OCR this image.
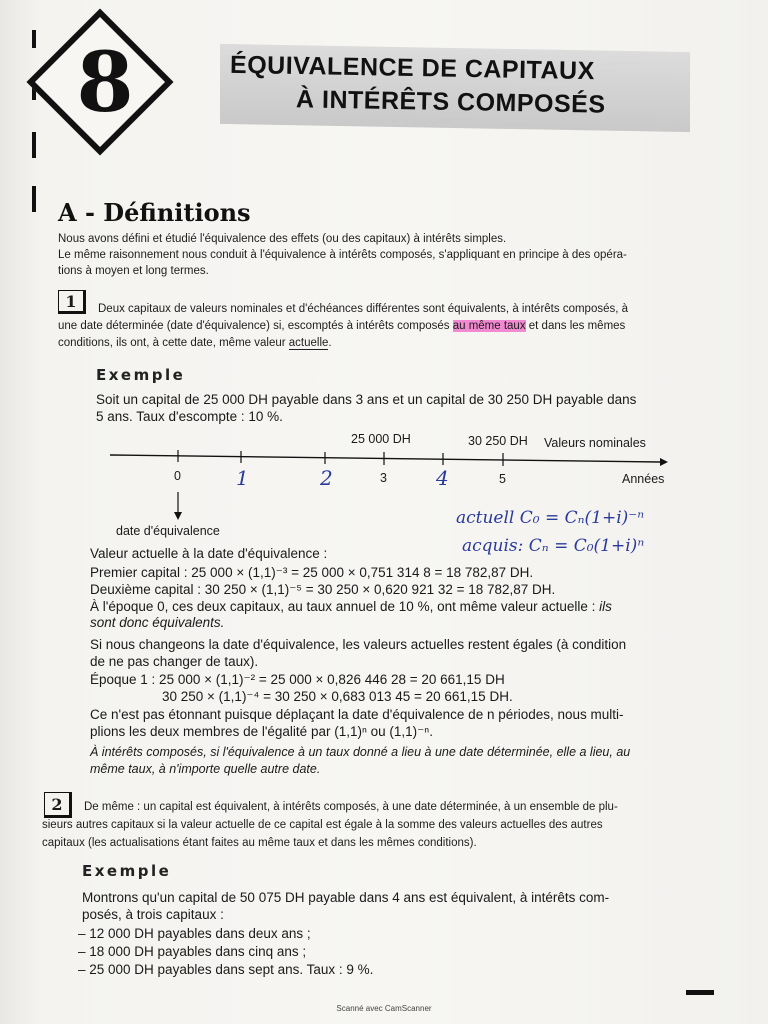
8	ÉQUIVALENCE DE CAPITAUX
À INTÉRÊTS COMPOSÉS
A - Définitions
Nous avons défini et étudié l'équivalence des effets (ou des capitaux) à intérêts simples.
Le même raisonnement nous conduit à l'équivalence à intérêts composés, s'appliquant en principe à des opéra-
tions à moyen et long termes.
1 Deux capitaux de valeurs nominales et d'échéances différentes sont équivalents, à intérêts composés, à
une date déterminée (date d'équivalence) si, escomptés à intérêts composés au même taux et dans les mêmes
conditions, ils ont, à cette date, même valeur actuelle.
Exemple
Soit un capital de 25 000 DH payable dans 3 ans et un capital de 30 250 DH payable dans
5 ans. Taux d'escompte : 10 %.
25 000 DH	30 250 DH Valeurs nominales
0	3	5	Années
1	2	4
date d'équivalence
actuell C₀ = Cₙ(1+i)⁻ⁿ
acquis: Cₙ = C₀(1+i)ⁿ
Valeur actuelle à la date d'équivalence :
Premier capital : 25 000 × (1,1)⁻³ = 25 000 × 0,751 314 8 = 18 782,87 DH.
Deuxième capital : 30 250 × (1,1)⁻⁵ = 30 250 × 0,620 921 32 = 18 782,87 DH.
À l'époque 0, ces deux capitaux, au taux annuel de 10 %, ont même valeur actuelle : ils
sont donc équivalents.
Si nous changeons la date d'équivalence, les valeurs actuelles restent égales (à condition
de ne pas changer de taux).
Époque 1 : 25 000 × (1,1)⁻² = 25 000 × 0,826 446 28 = 20 661,15 DH
30 250 × (1,1)⁻⁴ = 30 250 × 0,683 013 45 = 20 661,15 DH.
Ce n'est pas étonnant puisque déplaçant la date d'équivalence de n périodes, nous multi-
plions les deux membres de l'égalité par (1,1)ⁿ ou (1,1)⁻ⁿ.
À intérêts composés, si l'équivalence à un taux donné a lieu à une date déterminée, elle a lieu, au
même taux, à n'importe quelle autre date.
2 De même : un capital est équivalent, à intérêts composés, à une date déterminée, à un ensemble de plu-
sieurs autres capitaux si la valeur actuelle de ce capital est égale à la somme des valeurs actuelles des autres
capitaux (les actualisations étant faites au même taux et dans les mêmes conditions).
Exemple
Montrons qu'un capital de 50 075 DH payable dans 4 ans est équivalent, à intérêts com-
posés, à trois capitaux :
– 12 000 DH payables dans deux ans ;
– 18 000 DH payables dans cinq ans ;
– 25 000 DH payables dans sept ans. Taux : 9 %.
Scanné avec CamScanner
